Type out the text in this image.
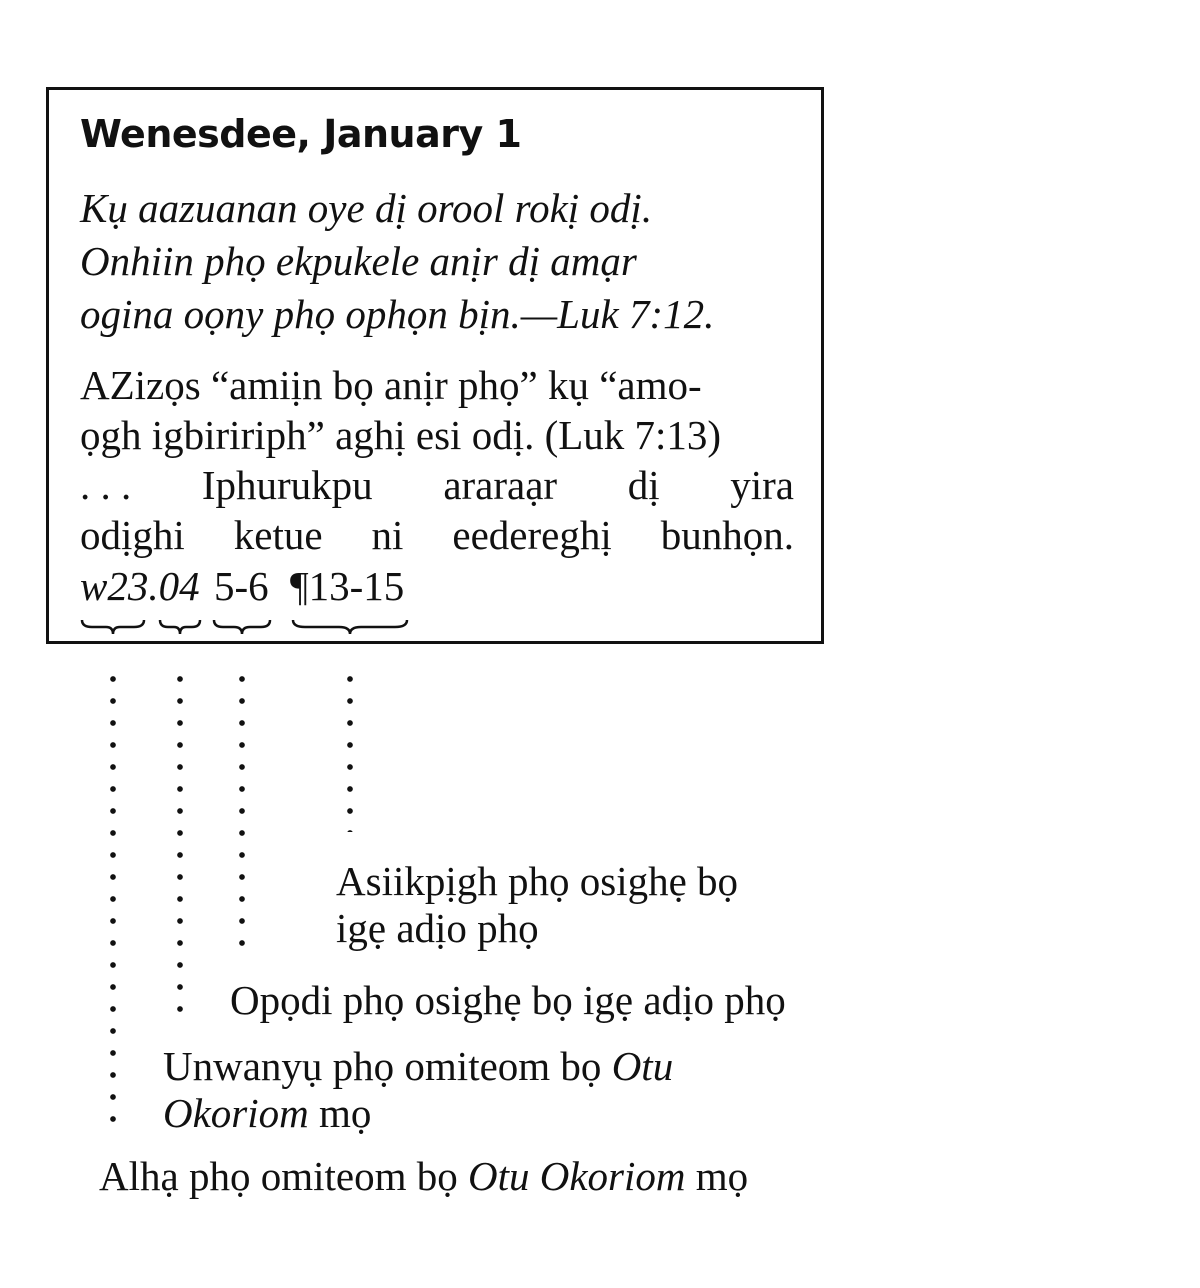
Wenesdee, January 1
Kụ aazuanan oye dị orool rokị odị.
Onhiin phọ ekpukele anịr dị amạr
ogina oọny phọ ophọn bịn.—Luk 7:12.
AZizọs “amiịn bọ anịr phọ” kụ “amo-
ọgh igbiririph” aghị esi odị. (Luk 7:13)
. . . Iphurukpu araraạr dị yira
odịghi ketue ni eedereghị bunhọn.
w23.04 5-6 ¶13-15
Asiikpịgh phọ osighẹ bọ
igẹ adịo phọ
Opọdi phọ osighẹ bọ igẹ adịo phọ
Unwanyụ phọ omiteom bọ Otu
Okoriom mọ
Alhạ phọ omiteom bọ Otu Okoriom mọ
